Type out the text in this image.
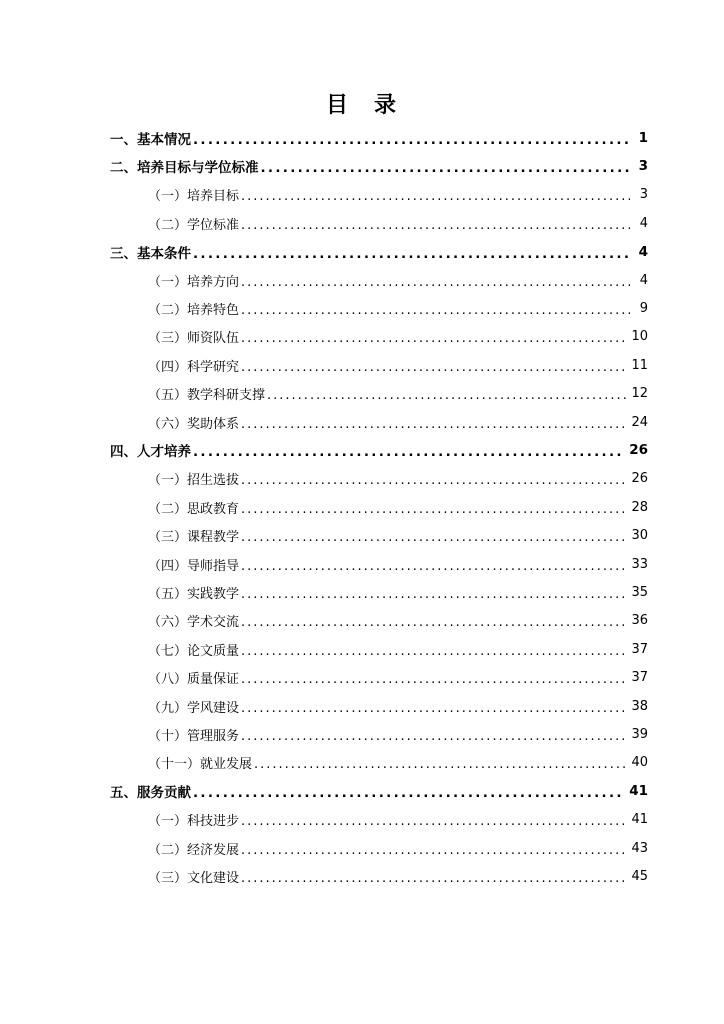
目　录
一、基本情况 .....	1
二、培养目标与学位标准 .....	3
（一）培养目标 .....	3
（二）学位标准 .....	4
三、基本条件 .....	4
（一）培养方向 .....	4
（二）培养特色 .....	9
（三）师资队伍 .....	10
（四）科学研究 .....	11
（五）教学科研支撑 .....	12
（六）奖助体系 .....	24
四、人才培养 .....	26
（一）招生选拔 .....	26
（二）思政教育 .....	28
（三）课程教学 .....	30
（四）导师指导 .....	33
（五）实践教学 .....	35
（六）学术交流 .....	36
（七）论文质量 .....	37
（八）质量保证 .....	37
（九）学风建设 .....	38
（十）管理服务 .....	39
（十一）就业发展 .....	40
五、服务贡献 .....	41
（一）科技进步 .....	41
（二）经济发展 .....	43
（三）文化建设 .....	45
